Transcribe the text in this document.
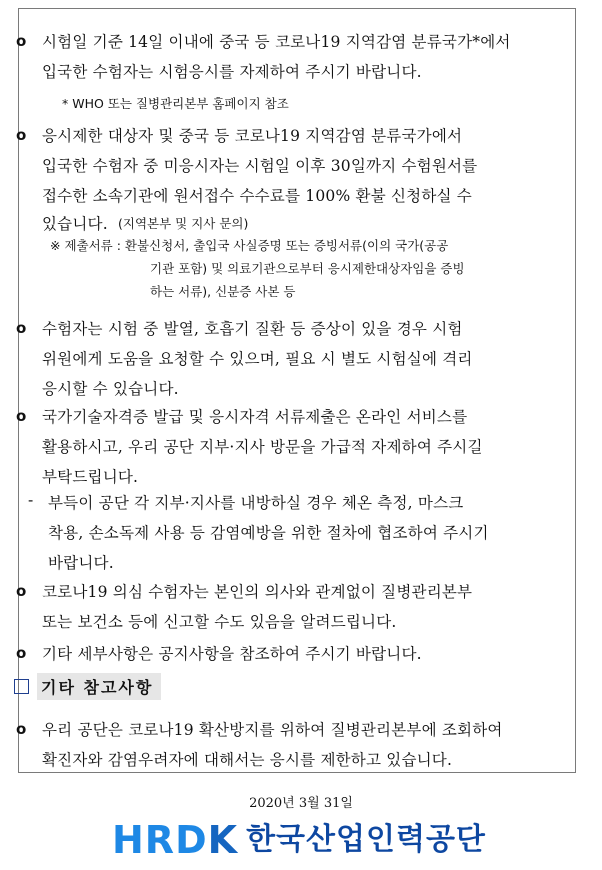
o 시험일 기준 14일 이내에 중국 등 코로나19 지역감염 분류국가*에서
입국한 수험자는 시험응시를 자제하여 주시기 바랍니다.
* WHO 또는 질병관리본부 홈페이지 참조
o 응시제한 대상자 및 중국 등 코로나19 지역감염 분류국가에서
입국한 수험자 중 미응시자는 시험일 이후 30일까지 수험원서를
접수한 소속기관에 원서접수 수수료를 100% 환불 신청하실 수
있습니다. (지역본부 및 지사 문의)
※ 제출서류 : 환불신청서, 출입국 사실증명 또는 증빙서류(이의 국가(공공
기관 포함) 및 의료기관으로부터 응시제한대상자임을 증빙
하는 서류), 신분증 사본 등
o 수험자는 시험 중 발열, 호흡기 질환 등 증상이 있을 경우 시험
위원에게 도움을 요청할 수 있으며, 필요 시 별도 시험실에 격리
응시할 수 있습니다.
o 국가기술자격증 발급 및 응시자격 서류제출은 온라인 서비스를
활용하시고, 우리 공단 지부·지사 방문을 가급적 자제하여 주시길
부탁드립니다.
- 부득이 공단 각 지부·지사를 내방하실 경우 체온 측정, 마스크
착용, 손소독제 사용 등 감염예방을 위한 절차에 협조하여 주시기
바랍니다.
o 코로나19 의심 수험자는 본인의 의사와 관계없이 질병관리본부
또는 보건소 등에 신고할 수도 있음을 알려드립니다.
o 기타 세부사항은 공지사항을 참조하여 주시기 바랍니다.
기타 참고사항
o 우리 공단은 코로나19 확산방지를 위하여 질병관리본부에 조회하여
확진자와 감염우려자에 대해서는 응시를 제한하고 있습니다.
2020년 3월 31일
HRDK 한국산업인력공단
